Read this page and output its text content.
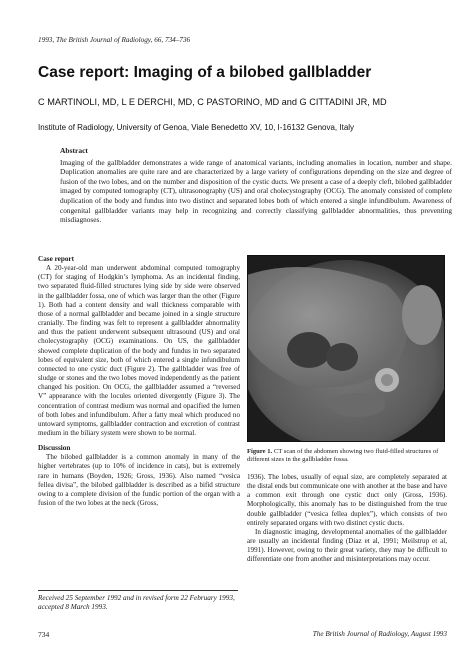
1993, The British Journal of Radiology, 66, 734–736
Case report: Imaging of a bilobed gallbladder
C MARTINOLI, MD, L E DERCHI, MD, C PASTORINO, MD and G CITTADINI JR, MD
Institute of Radiology, University of Genoa, Viale Benedetto XV, 10, I-16132 Genova, Italy
Abstract

Imaging of the gallbladder demonstrates a wide range of anatomical variants, including anomalies in location, number and shape. Duplication anomalies are quite rare and are characterized by a large variety of configurations depending on the size and degree of fusion of the two lobes, and on the number and disposition of the cystic ducts. We present a case of a deeply cleft, bilobed gallbladder imaged by computed tomography (CT), ultrasonography (US) and oral cholecystography (OCG). The anomaly consisted of complete duplication of the body and fundus into two distinct and separated lobes both of which entered a single infundibulum. Awareness of congenital gallbladder variants may help in recognizing and correctly classifying gallbladder abnormalities, thus preventing misdiagnoses.

Case report

A 20-year-old man underwent abdominal computed tomography (CT) for staging of Hodgkin’s lymphoma. As an incidental finding, two separated fluid-filled structures lying side by side were observed in the gallbladder fossa, one of which was larger than the other (Figure 1). Both had a content density and wall thickness comparable with those of a normal gallbladder and became joined in a single structure cranially. The finding was felt to represent a gallbladder abnormality and thus the patient underwent subsequent ultrasound (US) and oral cholecystography (OCG) examinations. On US, the gallbladder showed complete duplication of the body and fundus in two separated lobes of equivalent size, both of which entered a single infundibulum connected to one cystic duct (Figure 2). The gallbladder was free of sludge or stones and the two lobes moved independently as the patient changed his position. On OCG, the gallbladder assumed a “reversed V” appearance with the locules oriented divergently (Figure 3). The concentration of contrast medium was normal and opacified the lumen of both lobes and infundibulum. After a fatty meal which produced no untoward symptoms, gallbladder contraction and excretion of contrast medium in the biliary system were shown to be normal.

Discussion

The bilobed gallbladder is a common anomaly in many of the higher vertebrates (up to 10% of incidence in cats), but is extremely rare in humans (Boyden, 1926; Gross, 1936). Also named “vesica fellea divisa”, the bilobed gallbladder is described as a bifid structure owing to a complete division of the fundic portion of the organ with a fusion of the two lobes at the neck (Gross,

Figure 1. CT scan of the abdomen showing two fluid-filled structures of different sizes in the gallbladder fossa.

1936). The lobes, usually of equal size, are completely separated at the distal ends but communicate one with another at the base and have a common exit through one cystic duct only (Gross, 1936). Morphologically, this anomaly has to be distinguished from the true double gallbladder (“vesica fellea duplex”), which consists of two entirely separated organs with two distinct cystic ducts.

In diagnostic imaging, developmental anomalies of the gallbladder are usually an incidental finding (Diaz et al, 1991; Meilstrup et al, 1991). However, owing to their great variety, they may be difficult to differentiate one from another and misinterpretations may occur.

Received 25 September 1992 and in revised form 22 February 1993, accepted 8 March 1993.
734	The British Journal of Radiology, August 1993
